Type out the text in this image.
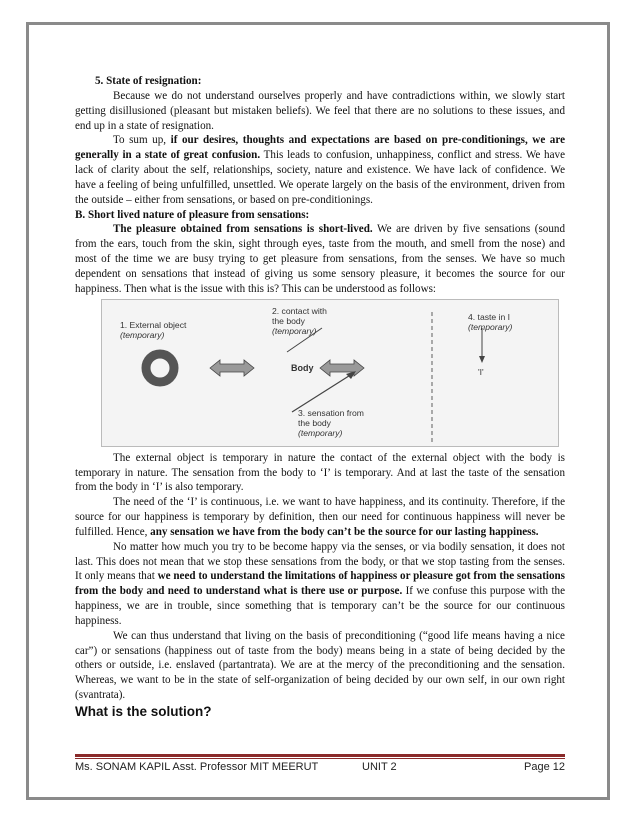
5. State of resignation:

Because we do not understand ourselves properly and have contradictions within, we slowly start getting disillusioned (pleasant but mistaken beliefs). We feel that there are no solutions to these issues, and end up in a state of resignation.

To sum up, if our desires, thoughts and expectations are based on pre-conditionings, we are generally in a state of great confusion. This leads to confusion, unhappiness, conflict and stress. We have lack of clarity about the self, relationships, society, nature and existence. We have lack of confidence. We have a feeling of being unfulfilled, unsettled. We operate largely on the basis of the environment, driven from the outside – either from sensations, or based on pre-conditionings.

B. Short lived nature of pleasure from sensations:

The pleasure obtained from sensations is short-lived. We are driven by five sensations (sound from the ears, touch from the skin, sight through eyes, taste from the mouth, and smell from the nose) and most of the time we are busy trying to get pleasure from sensations, from the senses. We have so much dependent on sensations that instead of giving us some sensory pleasure, it becomes the source for our happiness. Then what is the issue with this is? This can be understood as follows:

1. External object
(temporary)
2. contact with
the body
(temporary)
Body
3. sensation from
the body
(temporary)
4. taste in I
(temporary)
'I'

The external object is temporary in nature the contact of the external object with the body is temporary in nature. The sensation from the body to ‘I’ is temporary. And at last the taste of the sensation from the body in ‘I’ is also temporary.

The need of the ‘I’ is continuous, i.e. we want to have happiness, and its continuity. Therefore, if the source for our happiness is temporary by definition, then our need for continuous happiness will never be fulfilled. Hence, any sensation we have from the body can’t be the source for our lasting happiness.

No matter how much you try to be become happy via the senses, or via bodily sensation, it does not last. This does not mean that we stop these sensations from the body, or that we stop tasting from the senses. It only means that we need to understand the limitations of happiness or pleasure got from the sensations from the body and need to understand what is there use or purpose. If we confuse this purpose with the happiness, we are in trouble, since something that is temporary can’t be the source for our continuous happiness.

We can thus understand that living on the basis of preconditioning (“good life means having a nice car”) or sensations (happiness out of taste from the body) means being in a state of being decided by the others or outside, i.e. enslaved (partantrata). We are at the mercy of the preconditioning and the sensation. Whereas, we want to be in the state of self-organization of being decided by our own self, in our own right (svantrata).

What is the solution?
Ms. SONAM KAPIL Asst. Professor MIT MEERUT	UNIT 2	Page 12
